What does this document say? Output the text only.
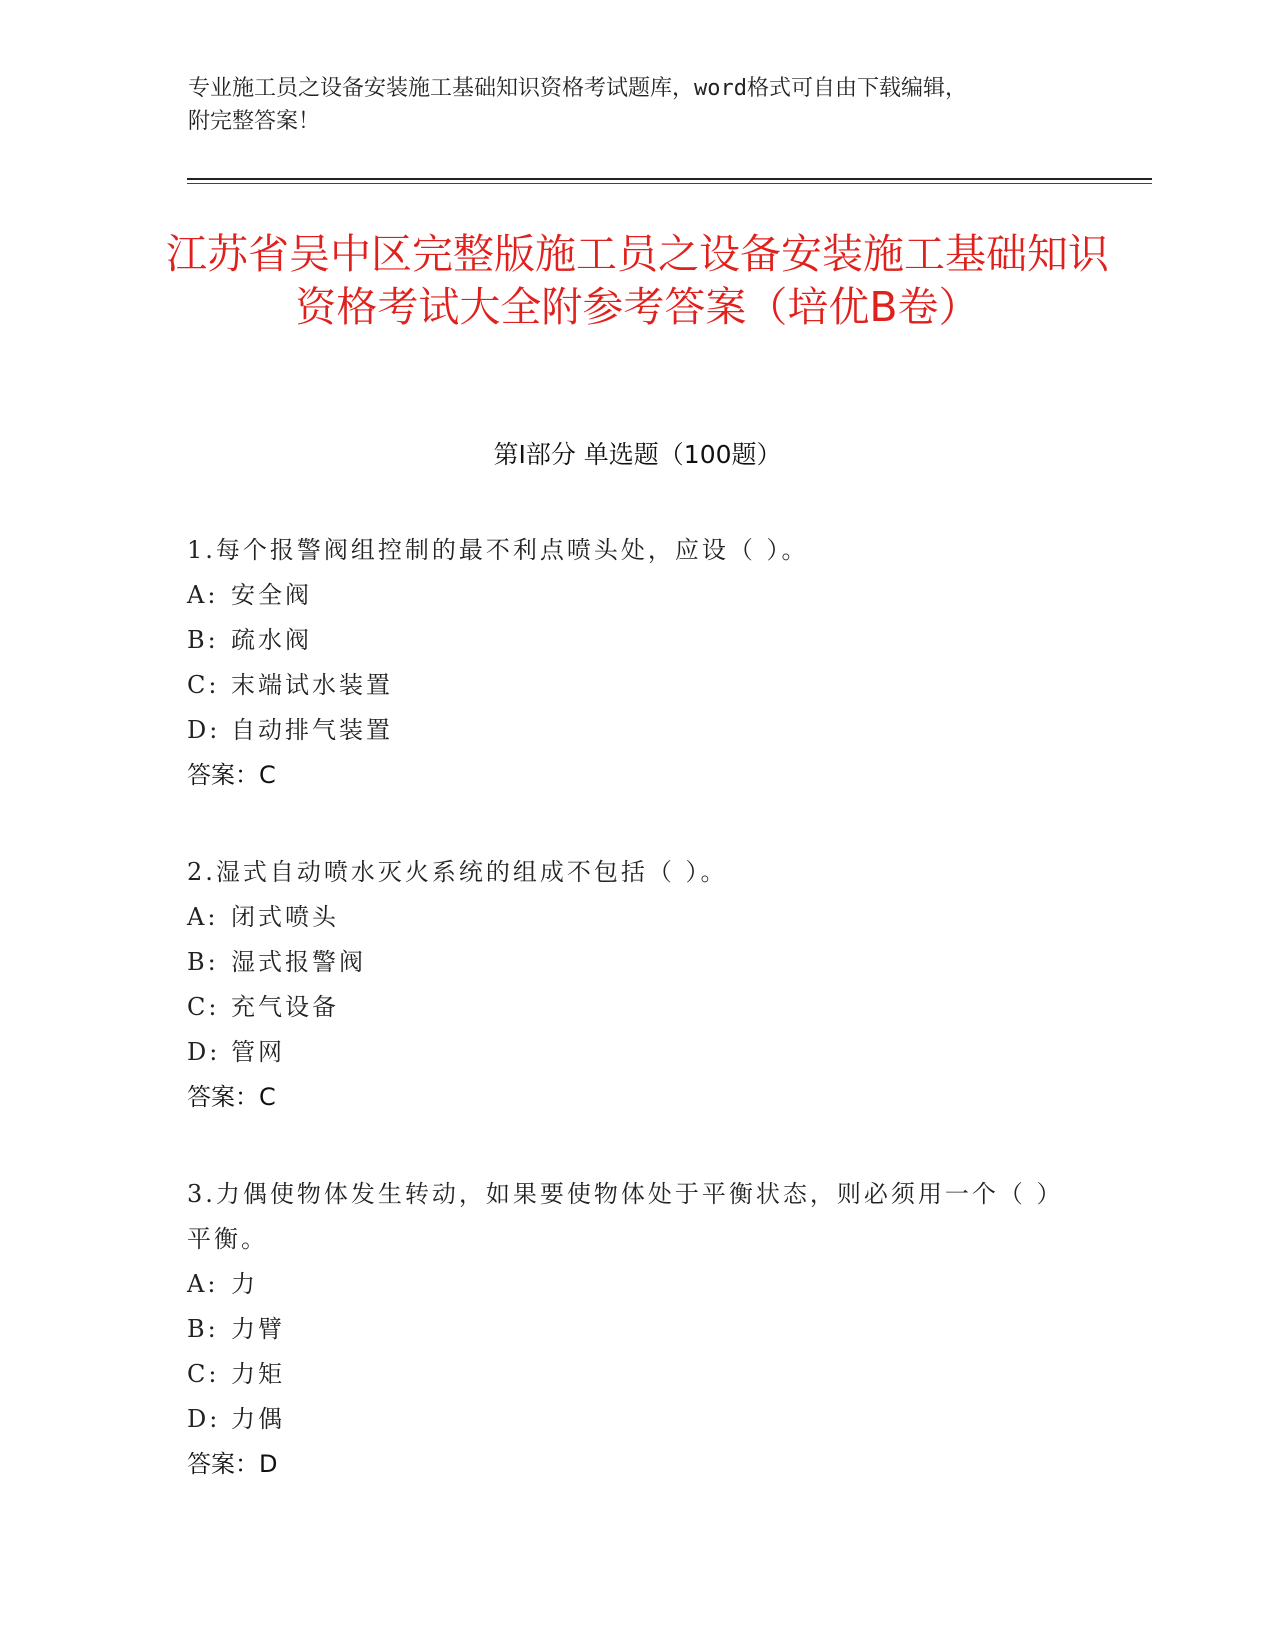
专业施工员之设备安装施工基础知识资格考试题库，word格式可自由下载编辑，
附完整答案！
江苏省吴中区完整版施工员之设备安装施工基础知识资格考试大全附参考答案（培优B卷）
第Ⅰ部分 单选题（100题）
1.每个报警阀组控制的最不利点喷头处，应设（ ）。
A: 安全阀
B: 疏水阀
C: 末端试水装置
D: 自动排气装置
答案：C
2.湿式自动喷水灭火系统的组成不包括（ ）。
A: 闭式喷头
B: 湿式报警阀
C: 充气设备
D: 管网
答案：C
3.力偶使物体发生转动，如果要使物体处于平衡状态，则必须用一个（ ）平衡。
A: 力
B: 力臂
C: 力矩
D: 力偶
答案：D
